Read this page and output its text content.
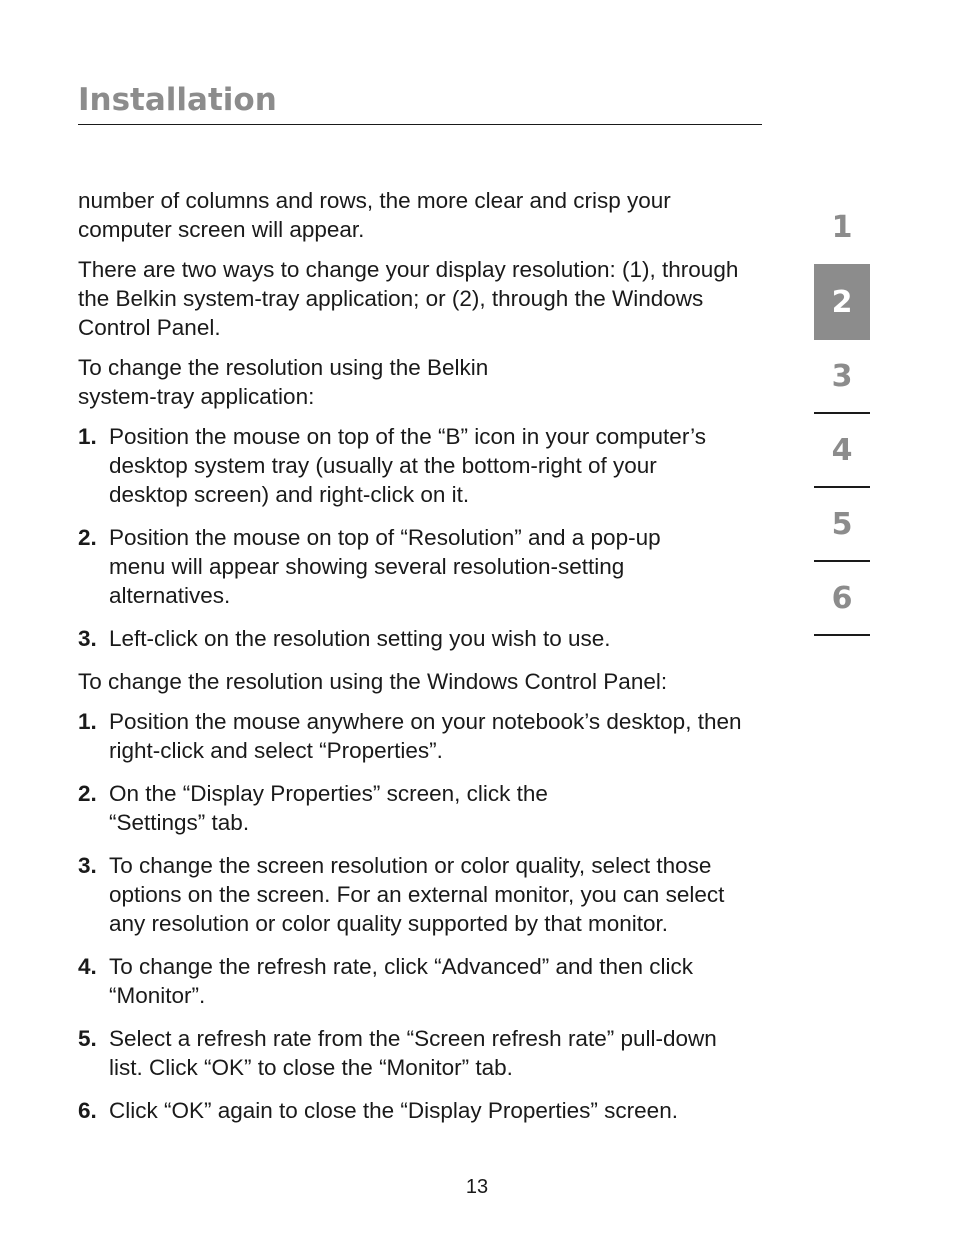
Installation

number of columns and rows, the more clear and crisp your computer screen will appear.

There are two ways to change your display resolution: (1), through the Belkin system-tray application; or (2), through the Windows Control Panel.

To change the resolution using the Belkin
system-tray application:

1. Position the mouse on top of the “B” icon in your computer’s desktop system tray (usually at the bottom-right of your desktop screen) and right-click on it.
2. Position the mouse on top of “Resolution” and a pop-up menu will appear showing several resolution-setting alternatives.
3. Left-click on the resolution setting you wish to use.

To change the resolution using the Windows Control Panel:

1. Position the mouse anywhere on your notebook’s desktop, then right-click and select “Properties”.
2. On the “Display Properties” screen, click the “Settings” tab.
3. To change the screen resolution or color quality, select those options on the screen. For an external monitor, you can select any resolution or color quality supported by that monitor.
4. To change the refresh rate, click “Advanced” and then click “Monitor”.
5. Select a refresh rate from the “Screen refresh rate” pull-down list. Click “OK” to close the “Monitor” tab.
6. Click “OK” again to close the “Display Properties” screen.
1
2
3
4
5
6
13
